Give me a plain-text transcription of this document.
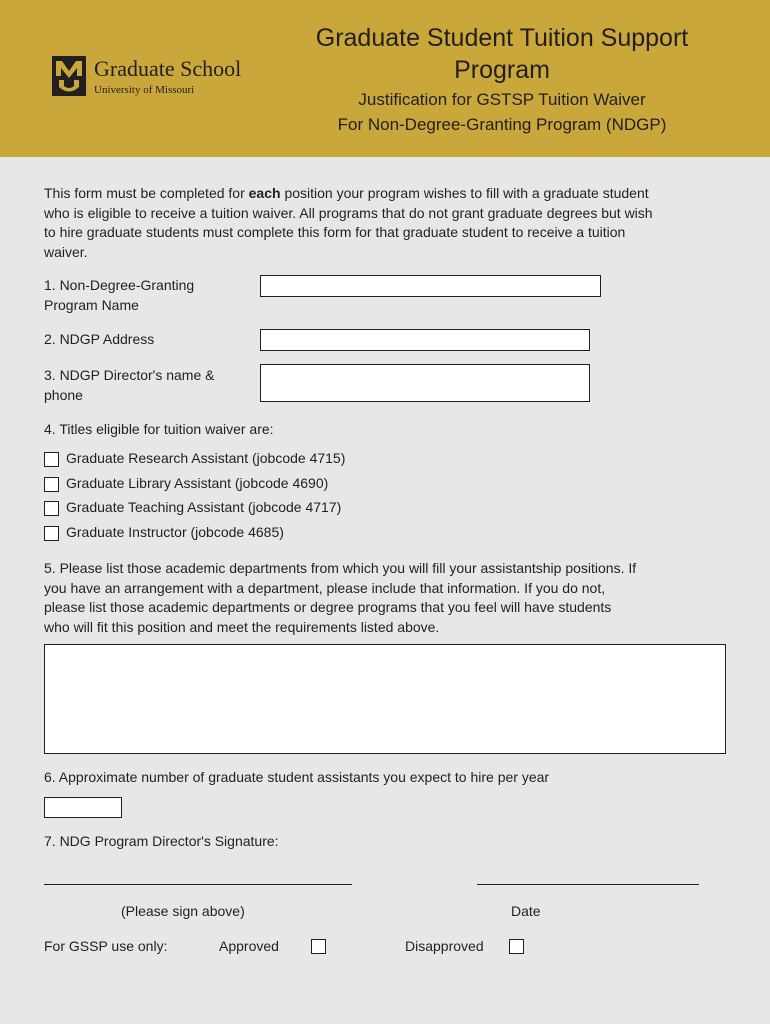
Graduate School
University of Missouri
Graduate Student Tuition Support
Program
Justification for GSTSP Tuition Waiver
For Non-Degree-Granting Program (NDGP)
This form must be completed for each position your program wishes to fill with a graduate student
who is eligible to receive a tuition waiver. All programs that do not grant graduate degrees but wish
to hire graduate students must complete this form for that graduate student to receive a tuition
waiver.
1. Non-Degree-Granting
Program Name
2. NDGP Address
3. NDGP Director's name &
phone
4. Titles eligible for tuition waiver are:
Graduate Research Assistant (jobcode 4715)
Graduate Library Assistant (jobcode 4690)
Graduate Teaching Assistant (jobcode 4717)
Graduate Instructor (jobcode 4685)
5. Please list those academic departments from which you will fill your assistantship positions. If
you have an arrangement with a department, please include that information. If you do not,
please list those academic departments or degree programs that you feel will have students
who will fit this position and meet the requirements listed above.
6. Approximate number of graduate student assistants you expect to hire per year
7. NDG Program Director's Signature:
(Please sign above)	Date
For GSSP use only:	Approved	Disapproved
